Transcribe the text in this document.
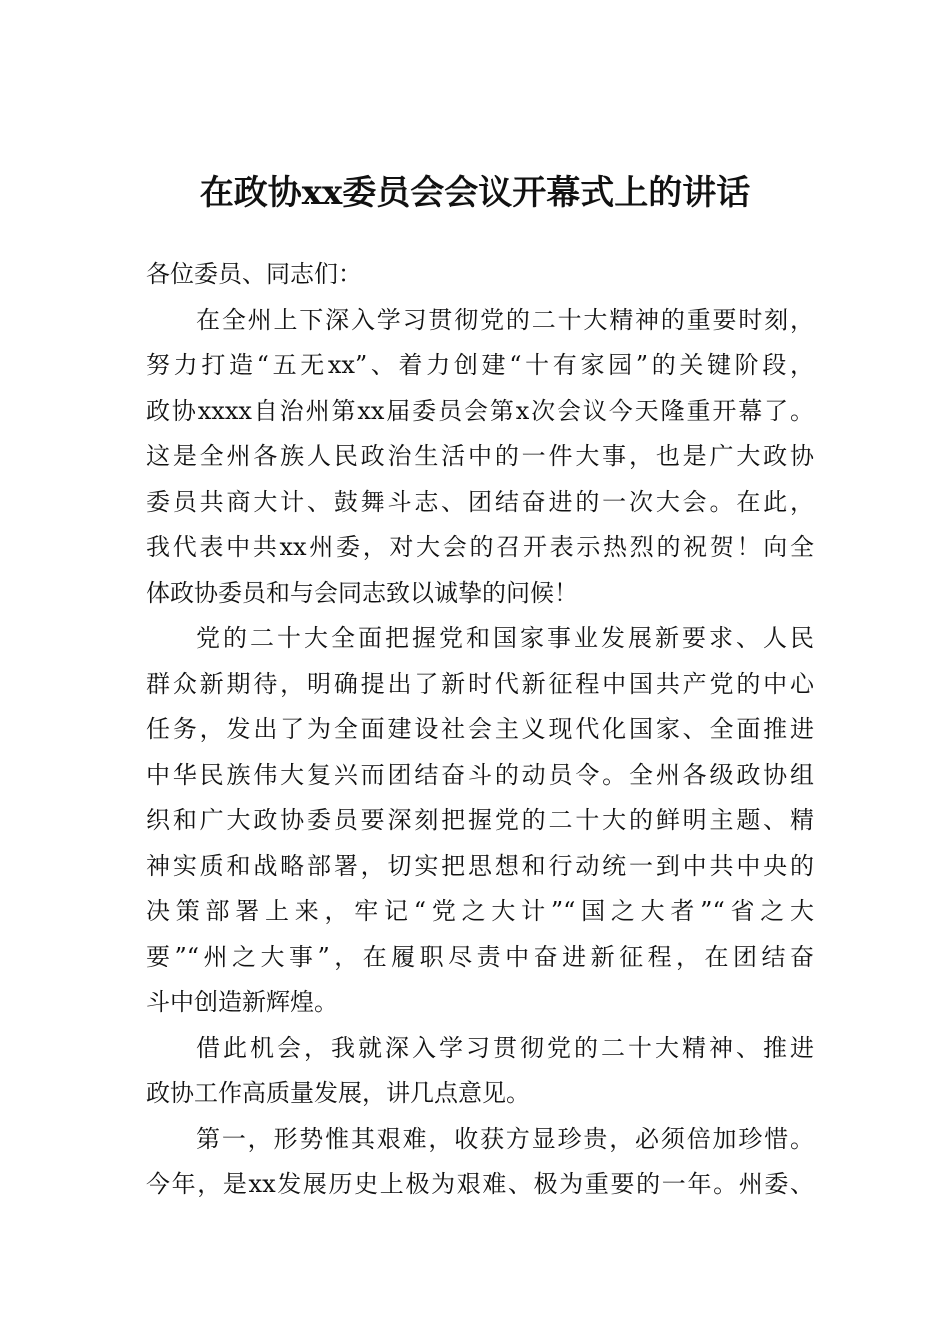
在政协xx委员会会议开幕式上的讲话
各位委员、同志们：
在全州上下深入学习贯彻党的二十大精神的重要时刻，
努力打造“五无xx”、着力创建“十有家园”的关键阶段，
政协xxxx自治州第xx届委员会第x次会议今天隆重开幕了。
这是全州各族人民政治生活中的一件大事，也是广大政协
委员共商大计、鼓舞斗志、团结奋进的一次大会。在此，
我代表中共xx州委，对大会的召开表示热烈的祝贺！向全
体政协委员和与会同志致以诚挚的问候！
党的二十大全面把握党和国家事业发展新要求、人民
群众新期待，明确提出了新时代新征程中国共产党的中心
任务，发出了为全面建设社会主义现代化国家、全面推进
中华民族伟大复兴而团结奋斗的动员令。全州各级政协组
织和广大政协委员要深刻把握党的二十大的鲜明主题、精
神实质和战略部署，切实把思想和行动统一到中共中央的
决策部署上来，牢记“党之大计”“国之大者”“省之大
要”“州之大事”，在履职尽责中奋进新征程，在团结奋
斗中创造新辉煌。
借此机会，我就深入学习贯彻党的二十大精神、推进
政协工作高质量发展，讲几点意见。
第一，形势惟其艰难，收获方显珍贵，必须倍加珍惜。
今年，是xx发展历史上极为艰难、极为重要的一年。州委、
